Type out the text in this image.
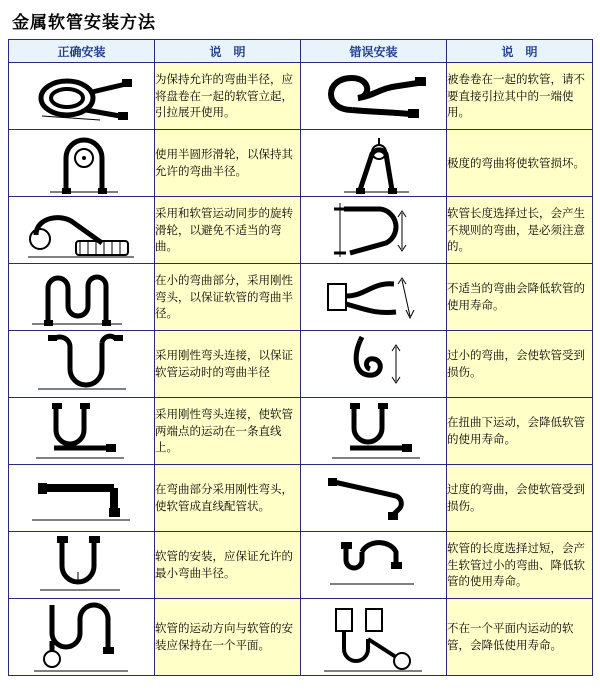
金属软管安装方法
正确安装	说　明	错误安装	说　明

	为保持允许的弯曲半径，应将盘卷在一起的软管立起，引拉展开使用。		被卷卷在一起的软管，请不要直接引拉其中的一端使用。

	使用半圆形滑轮，以保持其允许的弯曲半径。		极度的弯曲将使软管损坏。

	采用和软管运动同步的旋转滑轮，以避免不适当的弯曲。		软管长度选择过长，会产生不规则的弯曲，是必须注意的。

	在小的弯曲部分，采用刚性弯头，以保证软管的弯曲半径。		不适当的弯曲会降低软管的使用寿命。

	采用刚性弯头连接，以保证软管运动时的弯曲半径		过小的弯曲，会使软管受到损伤。

	采用刚性弯头连接，使软管两端点的运动在一条直线上。		在扭曲下运动，会降低软管的使用寿命。

	在弯曲部分采用刚性弯头，使软管成直线配管状。		过度的弯曲，会使软管受到损伤。

	软管的安装，应保证允许的最小弯曲半径。		软管的长度选择过短，会产生软管过小的弯曲、降低软管的使用寿命。

	软管的运动方向与软管的安装应保持在一个平面。		不在一个平面内运动的软管，会降低使用寿命。
